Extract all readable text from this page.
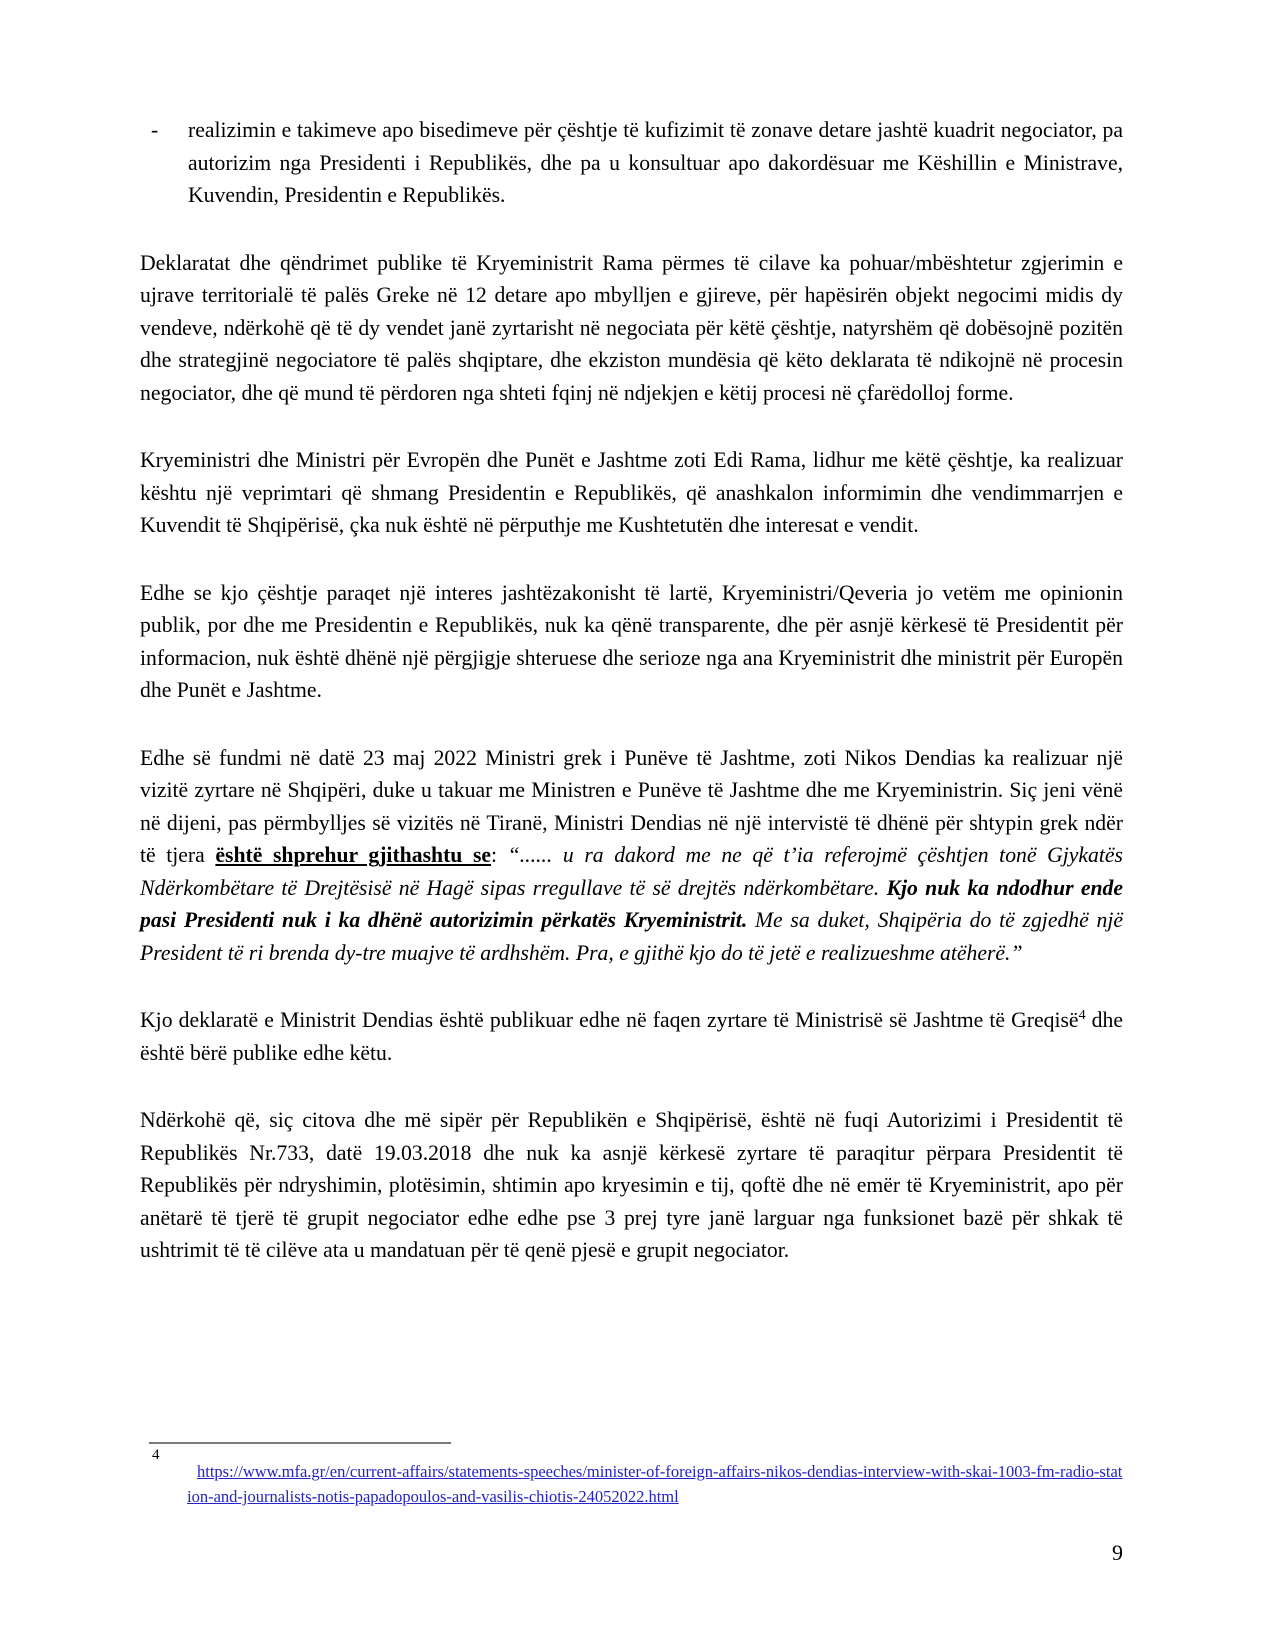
-	realizimin e takimeve apo bisedimeve për çështje të kufizimit të zonave detare jashtë kuadrit negociator, pa autorizim nga Presidenti i Republikës, dhe pa u konsultuar apo dakordësuar me Këshillin e Ministrave, Kuvendin, Presidentin e Republikës.
Deklaratat dhe qëndrimet publike të Kryeministrit Rama përmes të cilave ka pohuar/mbështetur zgjerimin e ujrave territorialë të palës Greke në 12 detare apo mbylljen e gjireve, për hapësirën objekt negocimi midis dy vendeve, ndërkohë që të dy vendet janë zyrtarisht në negociata për këtë çështje, natyrshëm që dobësojnë pozitën dhe strategjinë negociatore të palës shqiptare, dhe ekziston mundësia që këto deklarata të ndikojnë në procesin negociator, dhe që mund të përdoren nga shteti fqinj në ndjekjen e këtij procesi në çfarëdolloj forme.
Kryeministri dhe Ministri për Evropën dhe Punët e Jashtme zoti Edi Rama, lidhur me këtë çështje, ka realizuar kështu një veprimtari që shmang Presidentin e Republikës, që anashkalon informimin dhe vendimmarrjen e Kuvendit të Shqipërisë, çka nuk është në përputhje me Kushtetutën dhe interesat e vendit.
Edhe se kjo çështje paraqet një interes jashtëzakonisht të lartë, Kryeministri/Qeveria jo vetëm me opinionin publik, por dhe me Presidentin e Republikës, nuk ka qënë transparente, dhe për asnjë kërkesë të Presidentit për informacion, nuk është dhënë një përgjigje shteruese dhe serioze nga ana Kryeministrit dhe ministrit për Europën dhe Punët e Jashtme.
Edhe së fundmi në datë 23 maj 2022 Ministri grek i Punëve të Jashtme, zoti Nikos Dendias ka realizuar një vizitë zyrtare në Shqipëri, duke u takuar me Ministren e Punëve të Jashtme dhe me Kryeministrin. Siç jeni vënë në dijeni, pas përmbylljes së vizitës në Tiranë, Ministri Dendias në një intervistë të dhënë për shtypin grek ndër të tjera është shprehur gjithashtu se: “...... u ra dakord me ne që t’ia referojmë çështjen tonë Gjykatës Ndërkombëtare të Drejtësisë në Hagë sipas rregullave të së drejtës ndërkombëtare. Kjo nuk ka ndodhur ende pasi Presidenti nuk i ka dhënë autorizimin përkatës Kryeministrit. Me sa duket, Shqipëria do të zgjedhë një President të ri brenda dy-tre muajve të ardhshëm. Pra, e gjithë kjo do të jetë e realizueshme atëherë.”
Kjo deklaratë e Ministrit Dendias është publikuar edhe në faqen zyrtare të Ministrisë së Jashtme të Greqisë$^4$ dhe është bërë publike edhe këtu.
Ndërkohë që, siç citova dhe më sipër për Republikën e Shqipërisë, është në fuqi Autorizimi i Presidentit të Republikës Nr.733, datë 19.03.2018 dhe nuk ka asnjë kërkesë zyrtare të paraqitur përpara Presidentit të Republikës për ndryshimin, plotësimin, shtimin apo kryesimin e tij, qoftë dhe në emër të Kryeministrit, apo për anëtarë të tjerë të grupit negociator edhe edhe pse 3 prej tyre janë larguar nga funksionet bazë për shkak të ushtrimit të të cilëve ata u mandatuan për të qenë pjesë e grupit negociator.
4
https://www.mfa.gr/en/current-affairs/statements-speeches/minister-of-foreign-affairs-nikos-dendias-interview-with-skai-1003-fm-radio-station-and-journalists-notis-papadopoulos-and-vasilis-chiotis-24052022.html
9
